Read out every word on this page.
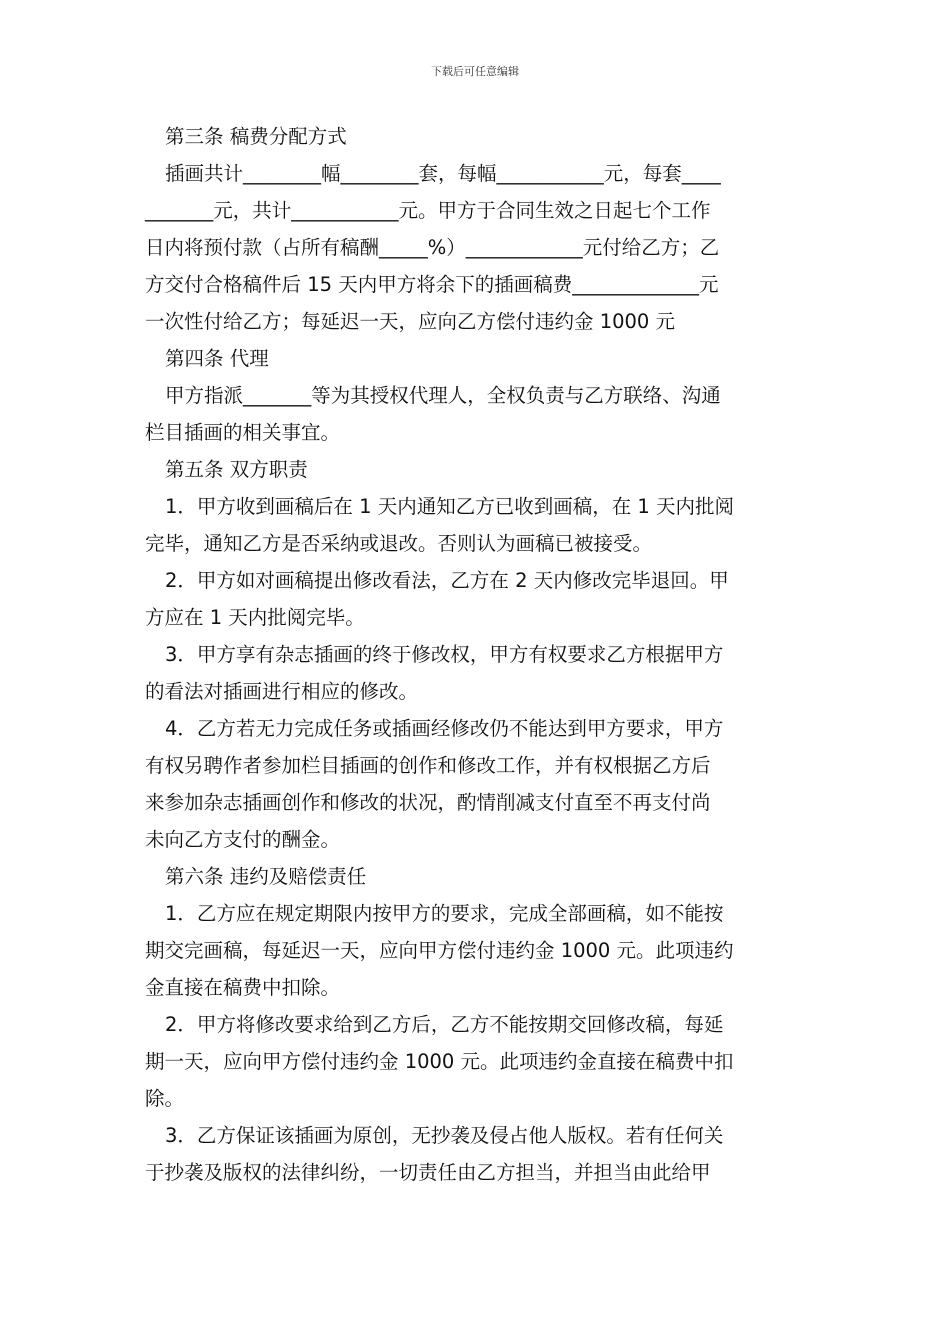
下载后可任意编辑
第三条 稿费分配方式
插画共计________幅________套，每幅___________元，每套____
_______元，共计___________元。甲方于合同生效之日起七个工作
日内将预付款（占所有稿酬_____%）____________元付给乙方；乙
方交付合格稿件后 15 天内甲方将余下的插画稿费_____________元
一次性付给乙方；每延迟一天，应向乙方偿付违约金 1000 元
第四条 代理
甲方指派_______等为其授权代理人，全权负责与乙方联络、沟通
栏目插画的相关事宜。
第五条 双方职责
1．甲方收到画稿后在 1 天内通知乙方已收到画稿，在 1 天内批阅
完毕，通知乙方是否采纳或退改。否则认为画稿已被接受。
2．甲方如对画稿提出修改看法，乙方在 2 天内修改完毕退回。甲
方应在 1 天内批阅完毕。
3．甲方享有杂志插画的终于修改权，甲方有权要求乙方根据甲方
的看法对插画进行相应的修改。
4．乙方若无力完成任务或插画经修改仍不能达到甲方要求，甲方
有权另聘作者参加栏目插画的创作和修改工作，并有权根据乙方后
来参加杂志插画创作和修改的状况，酌情削减支付直至不再支付尚
未向乙方支付的酬金。
第六条 违约及赔偿责任
1．乙方应在规定期限内按甲方的要求，完成全部画稿，如不能按
期交完画稿，每延迟一天，应向甲方偿付违约金 1000 元。此项违约
金直接在稿费中扣除。
2．甲方将修改要求给到乙方后，乙方不能按期交回修改稿，每延
期一天，应向甲方偿付违约金 1000 元。此项违约金直接在稿费中扣
除。
3．乙方保证该插画为原创，无抄袭及侵占他人版权。若有任何关
于抄袭及版权的法律纠纷，一切责任由乙方担当，并担当由此给甲
